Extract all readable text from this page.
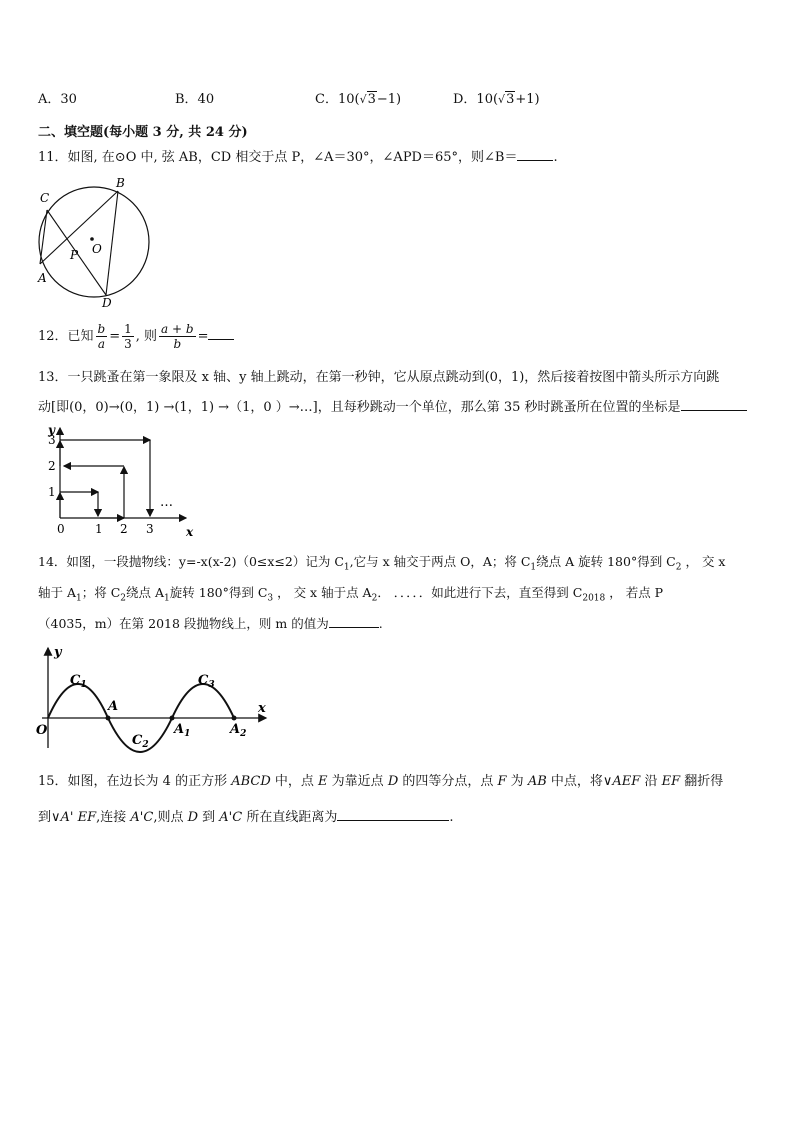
A．30	B．40	C．10(√3−1)	D．10(√3+1)
二、填空题(每小题 3 分, 共 24 分)
11．如图, 在⊙O 中, 弦 AB，CD 相交于点 P，∠A＝30°，∠APD＝65°，则∠B＝	.
B
C
O
P
A
D
12．已知 $\frac{b}{a} = \frac{1}{3}$ , 则 $\frac{a + b}{b}$ =
13．一只跳蚤在第一象限及 x 轴、y 轴上跳动，在第一秒钟，它从原点跳动到(0，1)，然后接着按图中箭头所示方向跳
动[即(0，0)→(0，1) →(1，1) →（1，0 ）→…]，且每秒跳动一个单位，那么第 35 秒时跳蚤所在位置的坐标是
y
x
0	1 2 3
1
2
3
…
14．如图，一段抛物线：y=-x(x-2)（0≤x≤2）记为 $C_1$,它与 x 轴交于两点 O，A；将 $C_1$绕点 A 旋转 180°得到 $C_2$ ， 交 x
轴于 $A_1$；将 $C_2$绕点 $A_1$旋转 180°得到 $C_3$ ， 交 x 轴于点 $A_2$． ．．．．．如此进行下去，直至得到 $C_{2018}$ ， 若点 P
（4035，m）在第 2018 段抛物线上，则 m 的值为	.
y
x
O
A
$A_1$	$A_2$
$C_1$
$C_2$
$C_3$
15．如图，在边长为 4 的正方形 ABCD 中，点 E 为靠近点 D 的四等分点，点 F 为 AB 中点，将∨AEF 沿 EF 翻折得
到∨A' EF,连接 A'C,则点 D 到 A'C 所在直线距离为	.
